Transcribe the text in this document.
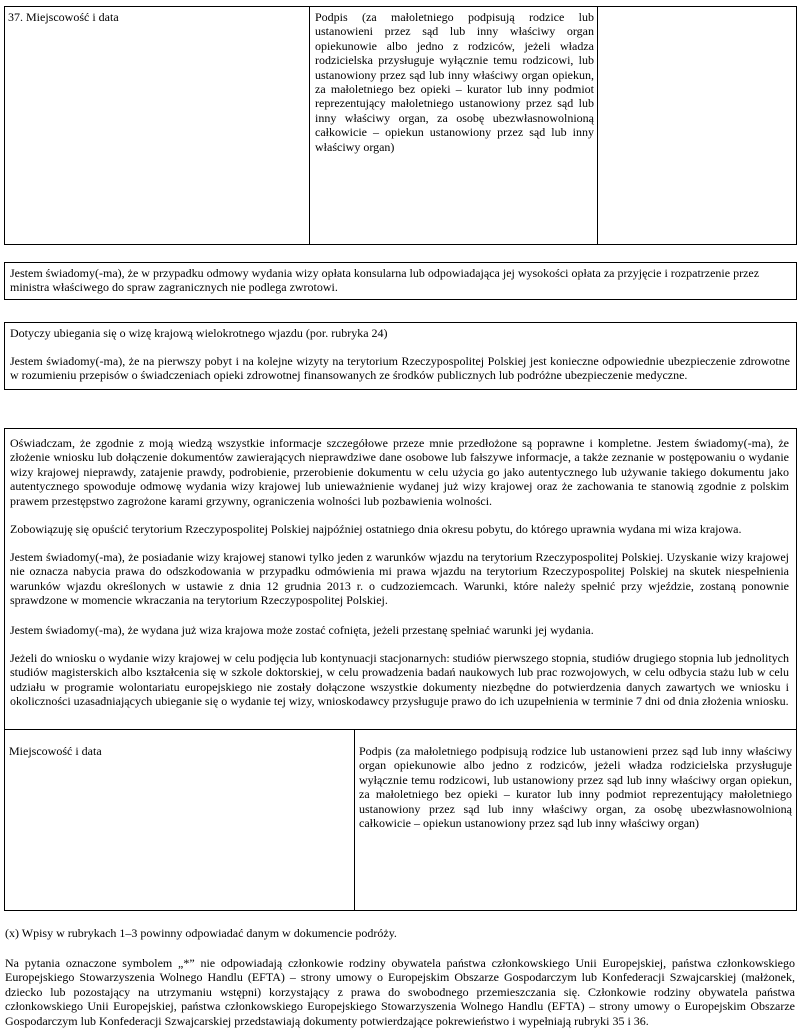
37. Miejscowość i data	Podpis (za małoletniego podpisują rodzice lub ustanowieni przez sąd lub inny właściwy organ opiekunowie albo jedno z rodziców, jeżeli władza rodzicielska przysługuje wyłącznie temu rodzicowi, lub ustanowiony przez sąd lub inny właściwy organ opiekun, za małoletniego bez opieki – kurator lub inny podmiot reprezentujący małoletniego ustanowiony przez sąd lub inny właściwy organ, za osobę ubezwłasnowolnioną całkowicie – opiekun ustanowiony przez sąd lub inny właściwy organ)
Jestem świadomy(-ma), że w przypadku odmowy wydania wizy opłata konsularna lub odpowiadająca jej wysokości opłata za przyjęcie i rozpatrzenie przez ministra właściwego do spraw zagranicznych nie podlega zwrotowi.
Dotyczy ubiegania się o wizę krajową wielokrotnego wjazdu (por. rubryka 24)
Jestem świadomy(-ma), że na pierwszy pobyt i na kolejne wizyty na terytorium Rzeczypospolitej Polskiej jest konieczne odpowiednie ubezpieczenie zdrowotne w rozumieniu przepisów o świadczeniach opieki zdrowotnej finansowanych ze środków publicznych lub podróżne ubezpieczenie medyczne.
Oświadczam, że zgodnie z moją wiedzą wszystkie informacje szczegółowe przeze mnie przedłożone są poprawne i kompletne. Jestem świadomy(-ma), że złożenie wniosku lub dołączenie dokumentów zawierających nieprawdziwe dane osobowe lub fałszywe informacje, a także zeznanie w postępowaniu o wydanie wizy krajowej nieprawdy, zatajenie prawdy, podrobienie, przerobienie dokumentu w celu użycia go jako autentycznego lub używanie takiego dokumentu jako autentycznego spowoduje odmowę wydania wizy krajowej lub unieważnienie wydanej już wizy krajowej oraz że zachowania te stanowią zgodnie z polskim prawem przestępstwo zagrożone karami grzywny, ograniczenia wolności lub pozbawienia wolności.
Zobowiązuję się opuścić terytorium Rzeczypospolitej Polskiej najpóźniej ostatniego dnia okresu pobytu, do którego uprawnia wydana mi wiza krajowa.
Jestem świadomy(-ma), że posiadanie wizy krajowej stanowi tylko jeden z warunków wjazdu na terytorium Rzeczypospolitej Polskiej. Uzyskanie wizy krajowej nie oznacza nabycia prawa do odszkodowania w przypadku odmówienia mi prawa wjazdu na terytorium Rzeczypospolitej Polskiej na skutek niespełnienia warunków wjazdu określonych w ustawie z dnia 12 grudnia 2013 r. o cudzoziemcach. Warunki, które należy spełnić przy wjeździe, zostaną ponownie sprawdzone w momencie wkraczania na terytorium Rzeczypospolitej Polskiej.
Jestem świadomy(-ma), że wydana już wiza krajowa może zostać cofnięta, jeżeli przestanę spełniać warunki jej wydania.
Jeżeli do wniosku o wydanie wizy krajowej w celu podjęcia lub kontynuacji stacjonarnych: studiów pierwszego stopnia, studiów drugiego stopnia lub jednolitych studiów magisterskich albo kształcenia się w szkole doktorskiej, w celu prowadzenia badań naukowych lub prac rozwojowych, w celu odbycia stażu lub w celu udziału w programie wolontariatu europejskiego nie zostały dołączone wszystkie dokumenty niezbędne do potwierdzenia danych zawartych we wniosku i okoliczności uzasadniających ubieganie się o wydanie tej wizy, wnioskodawcy przysługuje prawo do ich uzupełnienia w terminie 7 dni od dnia złożenia wniosku.
Miejscowość i data	Podpis (za małoletniego podpisują rodzice lub ustanowieni przez sąd lub inny właściwy organ opiekunowie albo jedno z rodziców, jeżeli władza rodzicielska przysługuje wyłącznie temu rodzicowi, lub ustanowiony przez sąd lub inny właściwy organ opiekun, za małoletniego bez opieki – kurator lub inny podmiot reprezentujący małoletniego ustanowiony przez sąd lub inny właściwy organ, za osobę ubezwłasnowolnioną całkowicie – opiekun ustanowiony przez sąd lub inny właściwy organ)
(x) Wpisy w rubrykach 1–3 powinny odpowiadać danym w dokumencie podróży.
Na pytania oznaczone symbolem „*” nie odpowiadają członkowie rodziny obywatela państwa członkowskiego Unii Europejskiej, państwa członkowskiego Europejskiego Stowarzyszenia Wolnego Handlu (EFTA) – strony umowy o Europejskim Obszarze Gospodarczym lub Konfederacji Szwajcarskiej (małżonek, dziecko lub pozostający na utrzymaniu wstępni) korzystający z prawa do swobodnego przemieszczania się. Członkowie rodziny obywatela państwa członkowskiego Unii Europejskiej, państwa członkowskiego Europejskiego Stowarzyszenia Wolnego Handlu (EFTA) – strony umowy o Europejskim Obszarze Gospodarczym lub Konfederacji Szwajcarskiej przedstawiają dokumenty potwierdzające pokrewieństwo i wypełniają rubryki 35 i 36.
